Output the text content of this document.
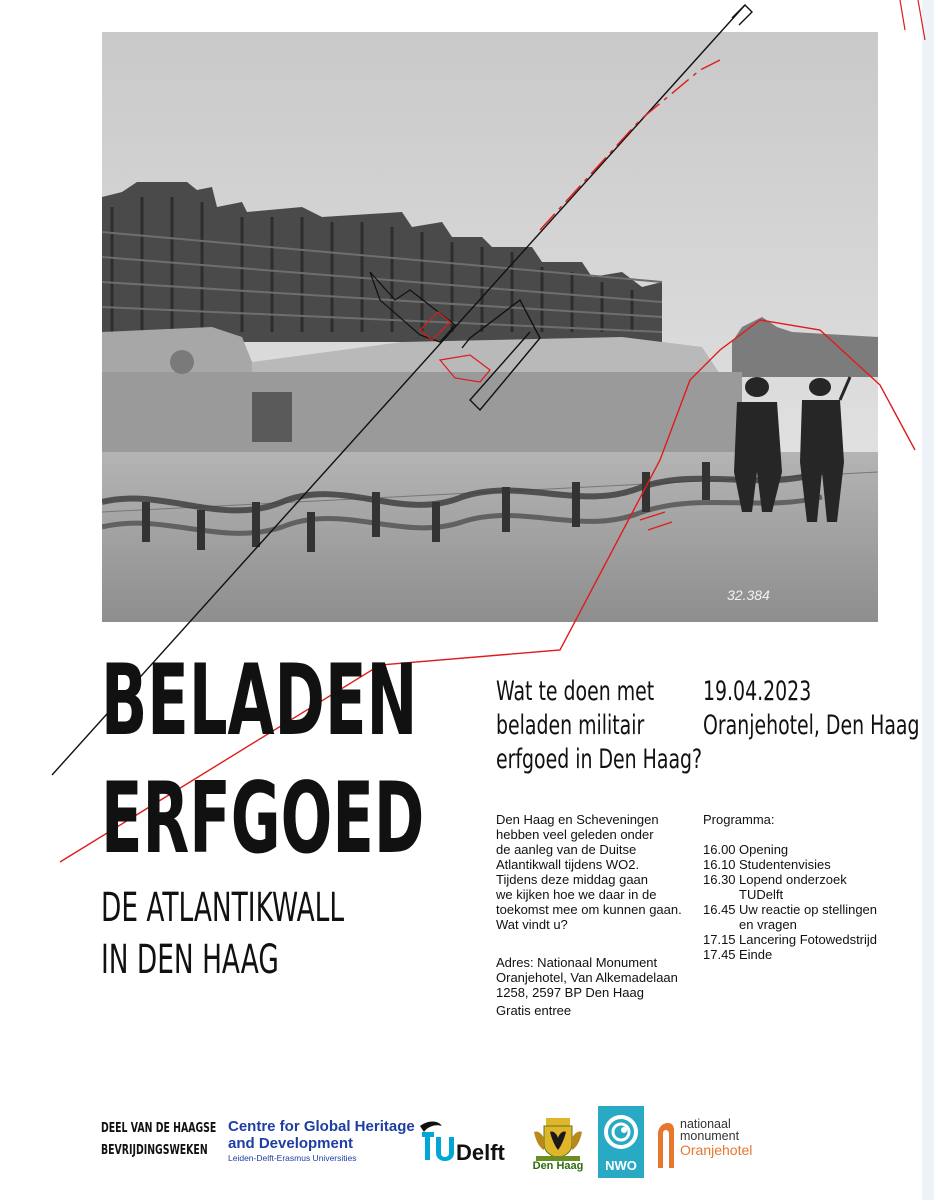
32.384
BELADEN
ERFGOED
DE ATLANTIKWALL
IN DEN HAAG
Wat te doen met
beladen militair
erfgoed in Den Haag?
19.04.2023
Oranjehotel, Den Haag
Den Haag en Scheveningen
hebben veel geleden onder
de aanleg van de Duitse
Atlantikwall tijdens WO2.
Tijdens deze middag gaan
we kijken hoe we daar in de
toekomst mee om kunnen gaan.
Wat vindt u?
Adres: Nationaal Monument
Oranjehotel, Van Alkemadelaan
1258, 2597 BP Den Haag
Gratis entree
Programma:
16.00 Opening
16.10 Studentenvisies
16.30 Lopend onderzoek TUDelft
16.45 Uw reactie op stellingen en vragen
17.15 Lancering Fotowedstrijd
17.45 Einde
DEEL VAN DE HAAGSE
BEVRIJDINGSWEKEN
Centre for Global Heritage
and Development
Leiden-Delft-Erasmus Universities	Delft
Den Haag	NWO
nationaal
monument
Oranjehotel
